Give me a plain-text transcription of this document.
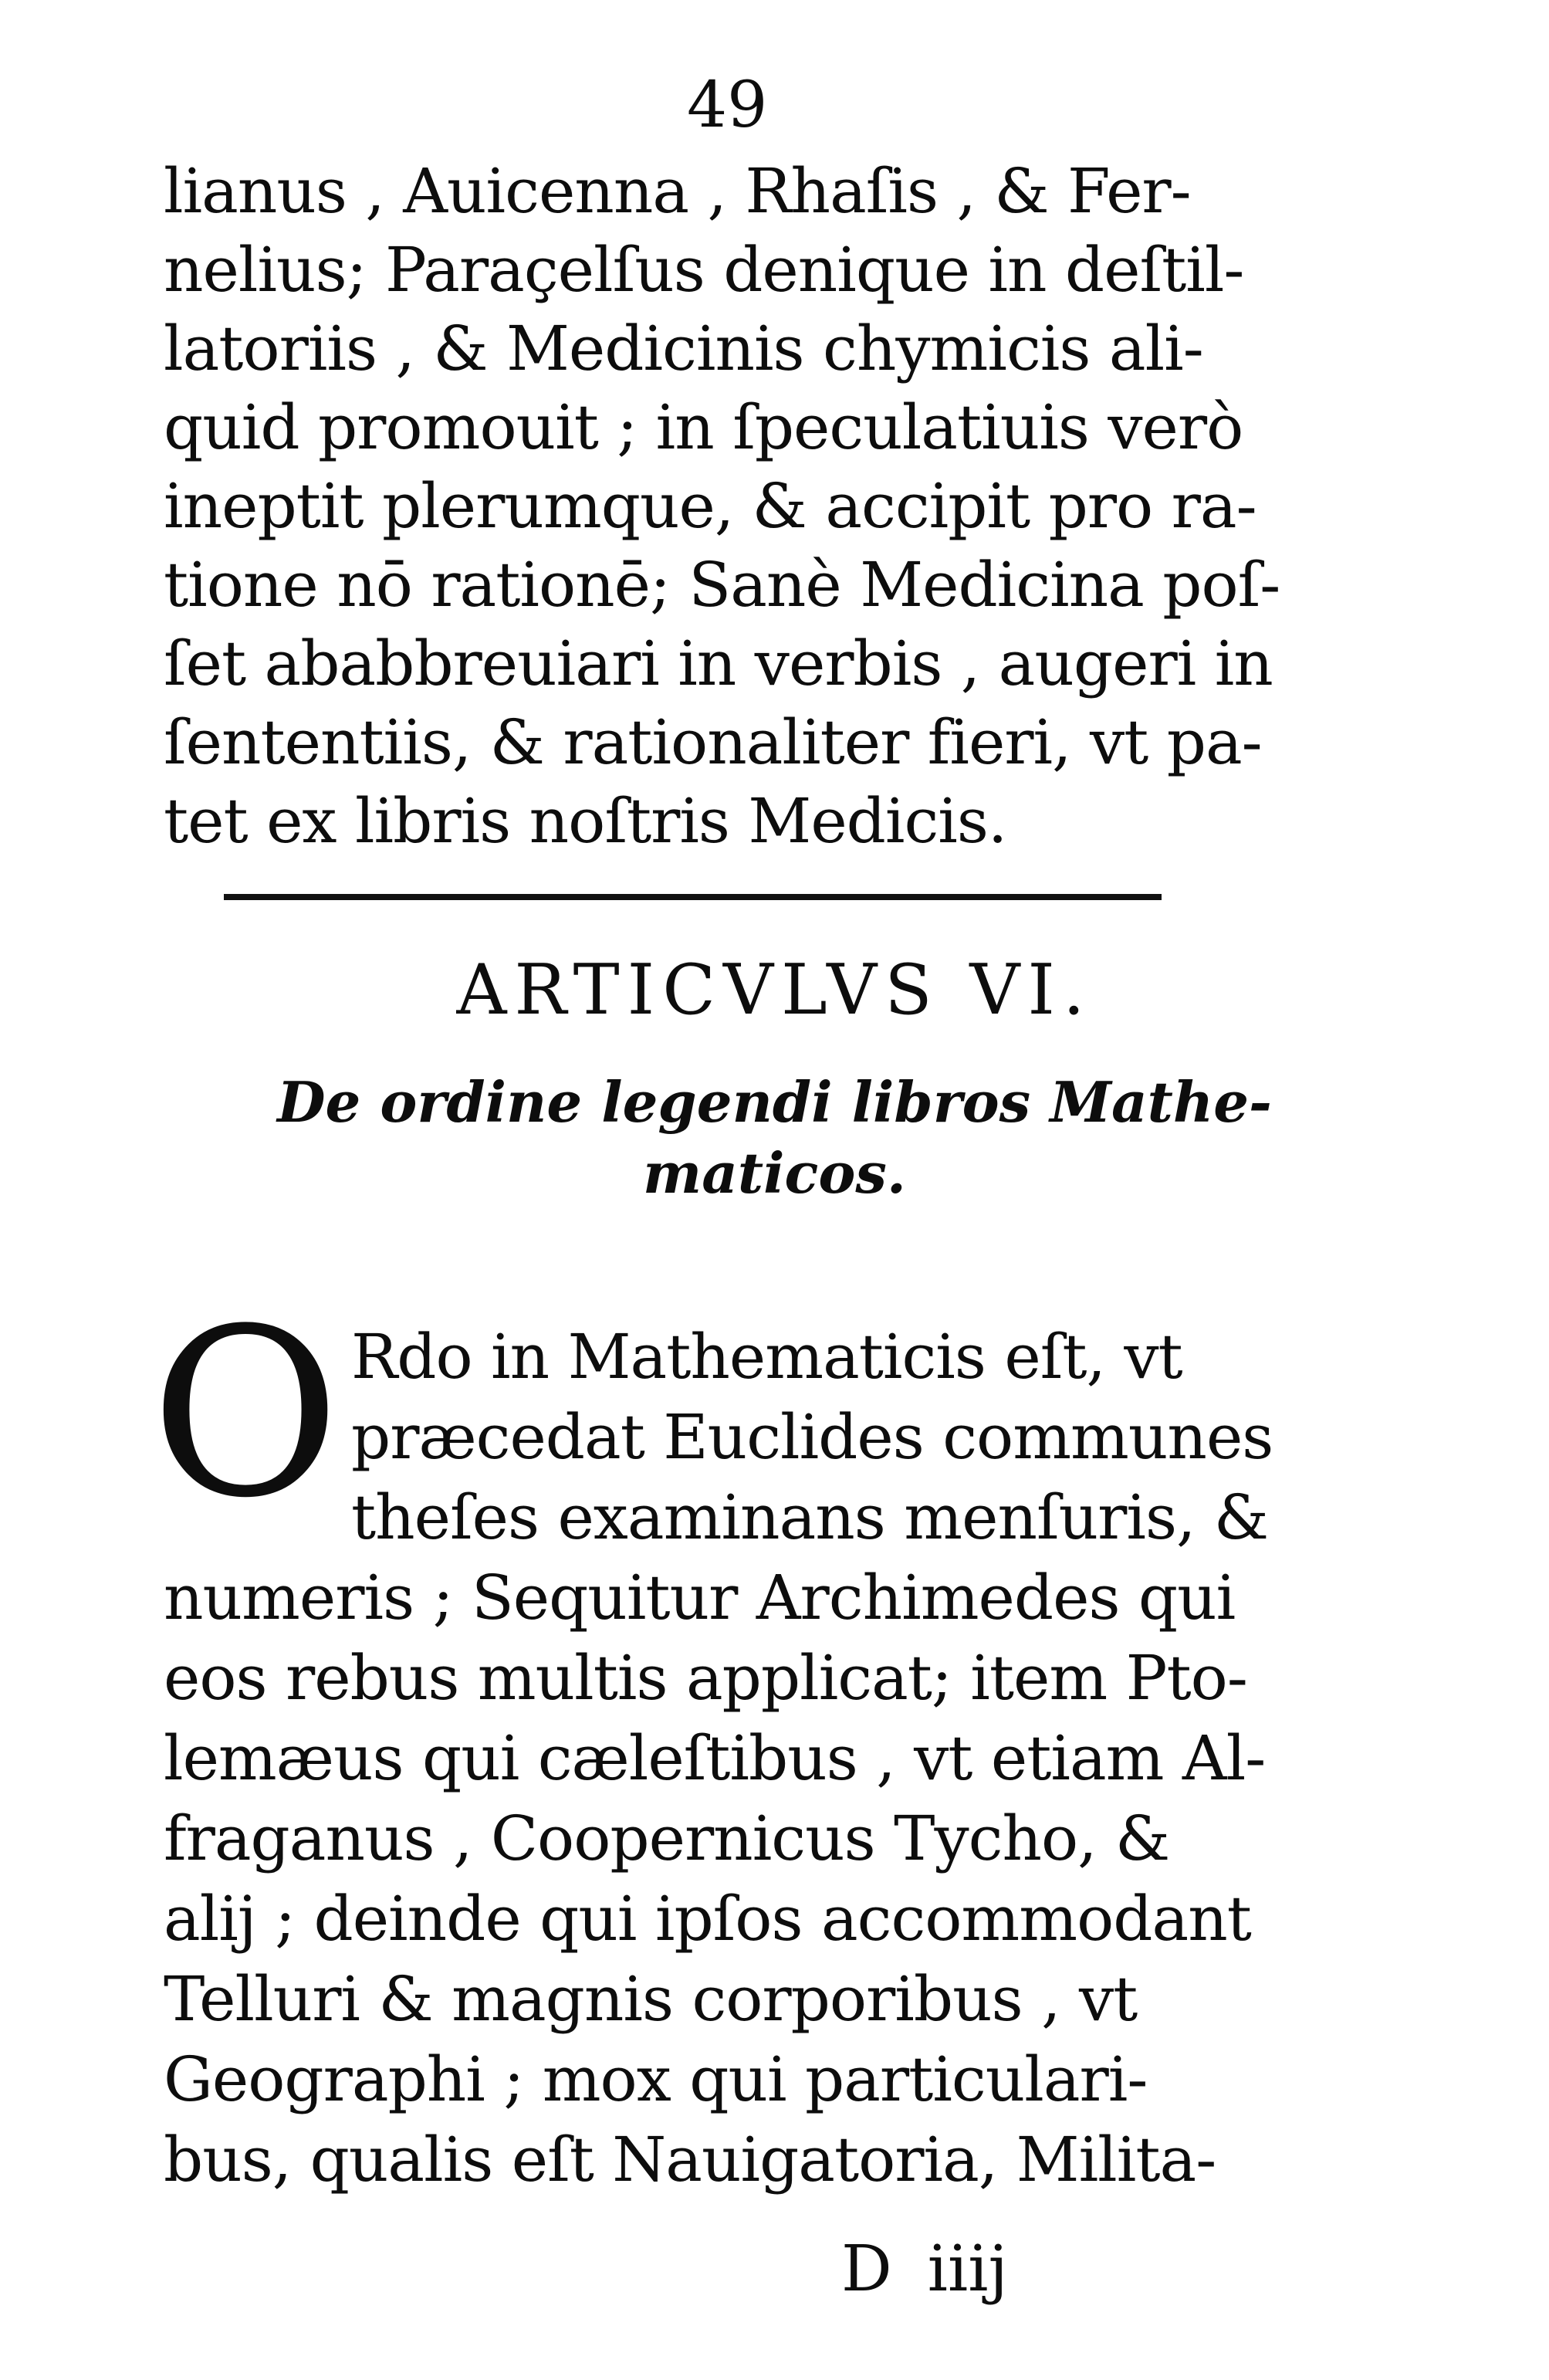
49
lianus , Auicenna , Rhaſis , & Fer-
nelius; Paraçelſus denique in deſtil-
latoriis , & Medicinis chymicis ali-
quid promouit ; in ſpeculatiuis verò
ineptit plerumque, & accipit pro ra-
tione nō rationē; Sanè Medicina poſ-
ſet ababbreuiari in verbis , augeri in
ſententiis, & rationaliter fieri, vt pa-
tet ex libris noſtris Medicis.
ARTICVLVS VI.
De ordine legendi libros Mathe-
maticos.
O Rdo in Mathematicis eſt, vt
præcedat Euclides communes
theſes examinans menſuris, &
numeris ; Sequitur Archimedes qui
eos rebus multis applicat; item Pto-
lemæus qui cæleſtibus , vt etiam Al-
fraganus , Coopernicus Tycho, &
alij ; deinde qui ipſos accommodant
Telluri & magnis corporibus , vt
Geographi ; mox qui particulari-
bus, qualis eſt Nauigatoria, Milita-
D iiij
